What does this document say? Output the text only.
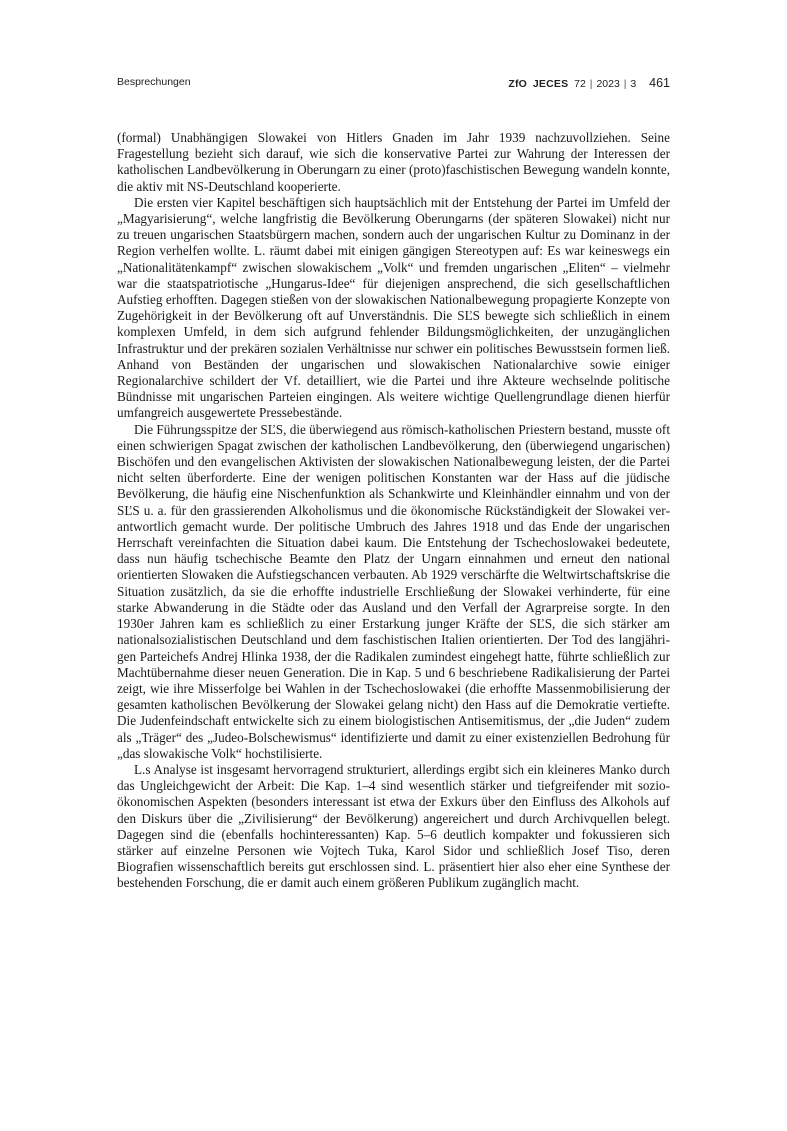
Besprechungen	ZfO JECES 72 | 2023 | 3 461

(formal) Unabhängigen Slowakei von Hitlers Gnaden im Jahr 1939 nachzuvollziehen. Seine Fragestellung bezieht sich darauf, wie sich die konservative Partei zur Wahrung der Interessen der katholischen Landbevölkerung in Oberungarn zu einer (proto)faschistischen Bewegung wandeln konnte, die aktiv mit NS-Deutschland kooperierte.

Die ersten vier Kapitel beschäftigen sich hauptsächlich mit der Entstehung der Partei im Umfeld der „Magyarisierung“, welche langfristig die Bevölkerung Oberungarns (der späteren Slowakei) nicht nur zu treuen ungarischen Staatsbürgern machen, sondern auch der ungarischen Kultur zu Dominanz in der Region verhelfen wollte. L. räumt dabei mit einigen gängigen Stereotypen auf: Es war keineswegs ein „Nationalitätenkampf“ zwischen slowakischem „Volk“ und fremden ungarischen „Eliten“ – vielmehr war die staatspatriotische „Hungarus-Idee“ für diejenigen ansprechend, die sich gesellschaftlichen Aufstieg erhofften. Dagegen stießen von der slowakischen Nationalbewegung propagierte Konzepte von Zugehörigkeit in der Bevölkerung oft auf Unverständnis. Die SĽS bewegte sich schließlich in einem komplexen Umfeld, in dem sich aufgrund fehlender Bildungsmöglichkeiten, der unzugänglichen Infrastruktur und der prekären sozialen Verhältnisse nur schwer ein politisches Bewusstsein formen ließ. Anhand von Beständen der ungarischen und slowakischen Nationalarchive sowie einiger Regionalarchive schildert der Vf. detailliert, wie die Partei und ihre Akteure wechselnde politische Bündnisse mit ungarischen Parteien eingingen. Als weitere wichtige Quellengrundlage dienen hierfür umfangreich ausgewertete Pressebestände.

Die Führungsspitze der SĽS, die überwiegend aus römisch-katholischen Priestern bestand, musste oft einen schwierigen Spagat zwischen der katholischen Landbevölkerung, den (überwiegend ungarischen) Bischöfen und den evangelischen Aktivisten der slowakischen Nationalbewegung leisten, der die Partei nicht selten überforderte. Eine der wenigen politischen Konstanten war der Hass auf die jüdische Bevölkerung, die häufig eine Nischenfunktion als Schankwirte und Kleinhändler einnahm und von der SĽS u. a. für den grassierenden Alkoholismus und die ökonomische Rückständigkeit der Slowakei verantwortlich gemacht wurde. Der politische Umbruch des Jahres 1918 und das Ende der ungarischen Herrschaft vereinfachten die Situation dabei kaum. Die Entstehung der Tschechoslowakei bedeutete, dass nun häufig tschechische Beamte den Platz der Ungarn einnahmen und erneut den national orientierten Slowaken die Aufstiegschancen verbauten. Ab 1929 verschärfte die Weltwirtschaftskrise die Situation zusätzlich, da sie die erhoffte industrielle Erschließung der Slowakei verhinderte, für eine starke Abwanderung in die Städte oder das Ausland und den Verfall der Agrarpreise sorgte. In den 1930er Jahren kam es schließlich zu einer Erstarkung junger Kräfte der SĽS, die sich stärker am nationalsozialistischen Deutschland und dem faschistischen Italien orientierten. Der Tod des langjährigen Parteichefs Andrej Hlinka 1938, der die Radikalen zumindest eingehegt hatte, führte schließlich zur Machtübernahme dieser neuen Generation. Die in Kap. 5 und 6 beschriebene Radikalisierung der Partei zeigt, wie ihre Misserfolge bei Wahlen in der Tschechoslowakei (die erhoffte Massenmobilisierung der gesamten katholischen Bevölkerung der Slowakei gelang nicht) den Hass auf die Demokratie vertiefte. Die Judenfeindschaft entwickelte sich zu einem biologistischen Antisemitismus, der „die Juden“ zudem als „Träger“ des „Judeo-Bolschewismus“ identifizierte und damit zu einer existenziellen Bedrohung für „das slowakische Volk“ hochstilisierte.

L.s Analyse ist insgesamt hervorragend strukturiert, allerdings ergibt sich ein kleineres Manko durch das Ungleichgewicht der Arbeit: Die Kap. 1–4 sind wesentlich stärker und tiefgreifender mit sozio-ökonomischen Aspekten (besonders interessant ist etwa der Exkurs über den Einfluss des Alkohols auf den Diskurs über die „Zivilisierung“ der Bevölkerung) angereichert und durch Archivquellen belegt. Dagegen sind die (ebenfalls hochinteressanten) Kap. 5–6 deutlich kompakter und fokussieren sich stärker auf einzelne Personen wie Vojtech Tuka, Karol Sidor und schließlich Josef Tiso, deren Biografien wissenschaftlich bereits gut erschlossen sind. L. präsentiert hier also eher eine Synthese der bestehenden Forschung, die er damit auch einem größeren Publikum zugänglich macht.
